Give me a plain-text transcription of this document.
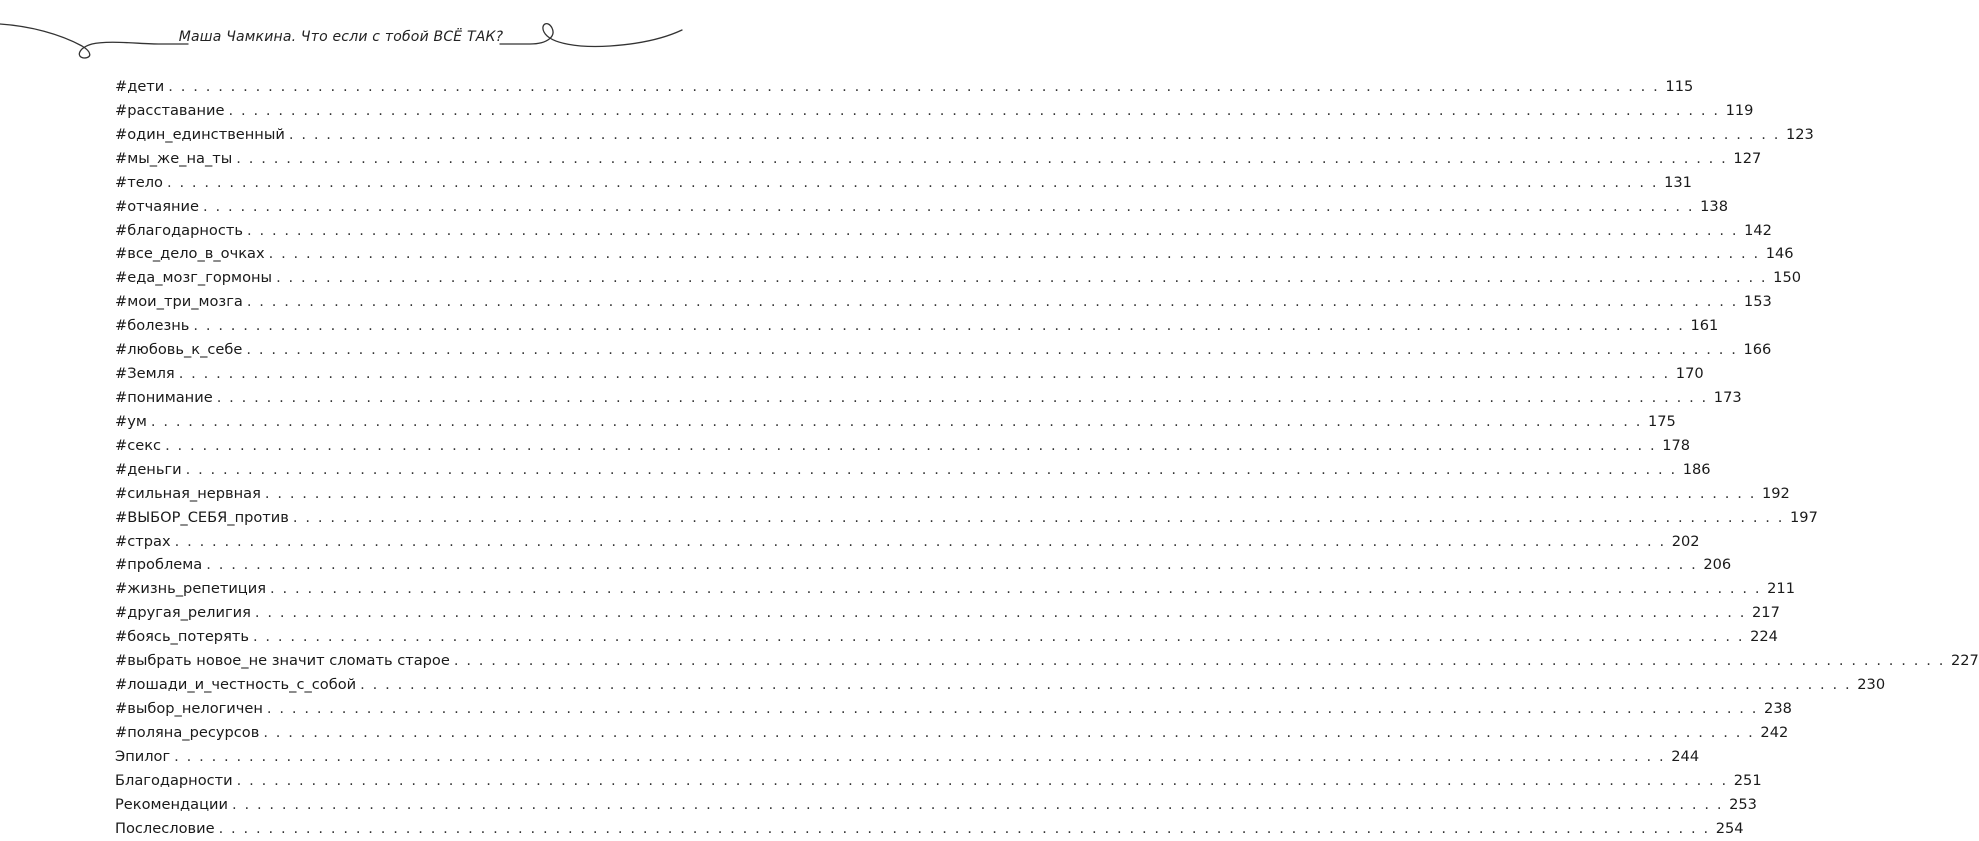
Маша Чамкина. Что если с тобой ВСЁ ТАК?
#дети . . . . . . . . . . . . . . . . . . . . . . . . . . . . . . . . . . . . . . . . . . . . . . . . . . . . . . . . . . . . . . . . . . . . . . . . . . . . . . . . . . . . . . . . . . . . . . . . . . . . . . . . . . . . . . . . . . . . . . . . 115
#расставание . . . . . . . . . . . . . . . . . . . . . . . . . . . . . . . . . . . . . . . . . . . . . . . . . . . . . . . . . . . . . . . . . . . . . . . . . . . . . . . . . . . . . . . . . . . . . . . . . . . . . . . . . . . . . . . . . . . . . . . . 119
#один_единственный . . . . . . . . . . . . . . . . . . . . . . . . . . . . . . . . . . . . . . . . . . . . . . . . . . . . . . . . . . . . . . . . . . . . . . . . . . . . . . . . . . . . . . . . . . . . . . . . . . . . . . . . . . . . . . . . . . . . . . . . 123
#мы_же_на_ты . . . . . . . . . . . . . . . . . . . . . . . . . . . . . . . . . . . . . . . . . . . . . . . . . . . . . . . . . . . . . . . . . . . . . . . . . . . . . . . . . . . . . . . . . . . . . . . . . . . . . . . . . . . . . . . . . . . . . . . . 127
#тело . . . . . . . . . . . . . . . . . . . . . . . . . . . . . . . . . . . . . . . . . . . . . . . . . . . . . . . . . . . . . . . . . . . . . . . . . . . . . . . . . . . . . . . . . . . . . . . . . . . . . . . . . . . . . . . . . . . . . . . . 131
#отчаяние . . . . . . . . . . . . . . . . . . . . . . . . . . . . . . . . . . . . . . . . . . . . . . . . . . . . . . . . . . . . . . . . . . . . . . . . . . . . . . . . . . . . . . . . . . . . . . . . . . . . . . . . . . . . . . . . . . . . . . . . 138
#благодарность . . . . . . . . . . . . . . . . . . . . . . . . . . . . . . . . . . . . . . . . . . . . . . . . . . . . . . . . . . . . . . . . . . . . . . . . . . . . . . . . . . . . . . . . . . . . . . . . . . . . . . . . . . . . . . . . . . . . . . . . 142
#все_дело_в_очках . . . . . . . . . . . . . . . . . . . . . . . . . . . . . . . . . . . . . . . . . . . . . . . . . . . . . . . . . . . . . . . . . . . . . . . . . . . . . . . . . . . . . . . . . . . . . . . . . . . . . . . . . . . . . . . . . . . . . . . . 146
#еда_мозг_гормоны . . . . . . . . . . . . . . . . . . . . . . . . . . . . . . . . . . . . . . . . . . . . . . . . . . . . . . . . . . . . . . . . . . . . . . . . . . . . . . . . . . . . . . . . . . . . . . . . . . . . . . . . . . . . . . . . . . . . . . . . 150
#мои_три_мозга . . . . . . . . . . . . . . . . . . . . . . . . . . . . . . . . . . . . . . . . . . . . . . . . . . . . . . . . . . . . . . . . . . . . . . . . . . . . . . . . . . . . . . . . . . . . . . . . . . . . . . . . . . . . . . . . . . . . . . . . 153
#болезнь . . . . . . . . . . . . . . . . . . . . . . . . . . . . . . . . . . . . . . . . . . . . . . . . . . . . . . . . . . . . . . . . . . . . . . . . . . . . . . . . . . . . . . . . . . . . . . . . . . . . . . . . . . . . . . . . . . . . . . . . 161
#любовь_к_себе . . . . . . . . . . . . . . . . . . . . . . . . . . . . . . . . . . . . . . . . . . . . . . . . . . . . . . . . . . . . . . . . . . . . . . . . . . . . . . . . . . . . . . . . . . . . . . . . . . . . . . . . . . . . . . . . . . . . . . . . 166
#Земля . . . . . . . . . . . . . . . . . . . . . . . . . . . . . . . . . . . . . . . . . . . . . . . . . . . . . . . . . . . . . . . . . . . . . . . . . . . . . . . . . . . . . . . . . . . . . . . . . . . . . . . . . . . . . . . . . . . . . . . . 170
#понимание . . . . . . . . . . . . . . . . . . . . . . . . . . . . . . . . . . . . . . . . . . . . . . . . . . . . . . . . . . . . . . . . . . . . . . . . . . . . . . . . . . . . . . . . . . . . . . . . . . . . . . . . . . . . . . . . . . . . . . . . 173
#ум . . . . . . . . . . . . . . . . . . . . . . . . . . . . . . . . . . . . . . . . . . . . . . . . . . . . . . . . . . . . . . . . . . . . . . . . . . . . . . . . . . . . . . . . . . . . . . . . . . . . . . . . . . . . . . . . . . . . . . . . 175
#секс . . . . . . . . . . . . . . . . . . . . . . . . . . . . . . . . . . . . . . . . . . . . . . . . . . . . . . . . . . . . . . . . . . . . . . . . . . . . . . . . . . . . . . . . . . . . . . . . . . . . . . . . . . . . . . . . . . . . . . . . 178
#деньги . . . . . . . . . . . . . . . . . . . . . . . . . . . . . . . . . . . . . . . . . . . . . . . . . . . . . . . . . . . . . . . . . . . . . . . . . . . . . . . . . . . . . . . . . . . . . . . . . . . . . . . . . . . . . . . . . . . . . . . . 186
#сильная_нервная . . . . . . . . . . . . . . . . . . . . . . . . . . . . . . . . . . . . . . . . . . . . . . . . . . . . . . . . . . . . . . . . . . . . . . . . . . . . . . . . . . . . . . . . . . . . . . . . . . . . . . . . . . . . . . . . . . . . . . . . 192
#ВЫБОР_СЕБЯ_против . . . . . . . . . . . . . . . . . . . . . . . . . . . . . . . . . . . . . . . . . . . . . . . . . . . . . . . . . . . . . . . . . . . . . . . . . . . . . . . . . . . . . . . . . . . . . . . . . . . . . . . . . . . . . . . . . . . . . . . . 197
#страх . . . . . . . . . . . . . . . . . . . . . . . . . . . . . . . . . . . . . . . . . . . . . . . . . . . . . . . . . . . . . . . . . . . . . . . . . . . . . . . . . . . . . . . . . . . . . . . . . . . . . . . . . . . . . . . . . . . . . . . . 202
#проблема . . . . . . . . . . . . . . . . . . . . . . . . . . . . . . . . . . . . . . . . . . . . . . . . . . . . . . . . . . . . . . . . . . . . . . . . . . . . . . . . . . . . . . . . . . . . . . . . . . . . . . . . . . . . . . . . . . . . . . . . 206
#жизнь_репетиция . . . . . . . . . . . . . . . . . . . . . . . . . . . . . . . . . . . . . . . . . . . . . . . . . . . . . . . . . . . . . . . . . . . . . . . . . . . . . . . . . . . . . . . . . . . . . . . . . . . . . . . . . . . . . . . . . . . . . . . . 211
#другая_религия . . . . . . . . . . . . . . . . . . . . . . . . . . . . . . . . . . . . . . . . . . . . . . . . . . . . . . . . . . . . . . . . . . . . . . . . . . . . . . . . . . . . . . . . . . . . . . . . . . . . . . . . . . . . . . . . . . . . . . . . 217
#боясь_потерять . . . . . . . . . . . . . . . . . . . . . . . . . . . . . . . . . . . . . . . . . . . . . . . . . . . . . . . . . . . . . . . . . . . . . . . . . . . . . . . . . . . . . . . . . . . . . . . . . . . . . . . . . . . . . . . . . . . . . . . . 224
#выбрать новое_не значит сломать старое . . . . . . . . . . . . . . . . . . . . . . . . . . . . . . . . . . . . . . . . . . . . . . . . . . . . . . . . . . . . . . . . . . . . . . . . . . . . . . . . . . . . . . . . . . . . . . . . . . . . . . . . . . . . . . . . . . . . . . . . 227
#лошади_и_честность_с_собой . . . . . . . . . . . . . . . . . . . . . . . . . . . . . . . . . . . . . . . . . . . . . . . . . . . . . . . . . . . . . . . . . . . . . . . . . . . . . . . . . . . . . . . . . . . . . . . . . . . . . . . . . . . . . . . . . . . . . . . . 230
#выбор_нелогичен . . . . . . . . . . . . . . . . . . . . . . . . . . . . . . . . . . . . . . . . . . . . . . . . . . . . . . . . . . . . . . . . . . . . . . . . . . . . . . . . . . . . . . . . . . . . . . . . . . . . . . . . . . . . . . . . . . . . . . . . 238
#поляна_ресурсов . . . . . . . . . . . . . . . . . . . . . . . . . . . . . . . . . . . . . . . . . . . . . . . . . . . . . . . . . . . . . . . . . . . . . . . . . . . . . . . . . . . . . . . . . . . . . . . . . . . . . . . . . . . . . . . . . . . . . . . . 242
Эпилог . . . . . . . . . . . . . . . . . . . . . . . . . . . . . . . . . . . . . . . . . . . . . . . . . . . . . . . . . . . . . . . . . . . . . . . . . . . . . . . . . . . . . . . . . . . . . . . . . . . . . . . . . . . . . . . . . . . . . . . . 244
Благодарности . . . . . . . . . . . . . . . . . . . . . . . . . . . . . . . . . . . . . . . . . . . . . . . . . . . . . . . . . . . . . . . . . . . . . . . . . . . . . . . . . . . . . . . . . . . . . . . . . . . . . . . . . . . . . . . . . . . . . . . . 251
Рекомендации . . . . . . . . . . . . . . . . . . . . . . . . . . . . . . . . . . . . . . . . . . . . . . . . . . . . . . . . . . . . . . . . . . . . . . . . . . . . . . . . . . . . . . . . . . . . . . . . . . . . . . . . . . . . . . . . . . . . . . . . 253
Послесловие . . . . . . . . . . . . . . . . . . . . . . . . . . . . . . . . . . . . . . . . . . . . . . . . . . . . . . . . . . . . . . . . . . . . . . . . . . . . . . . . . . . . . . . . . . . . . . . . . . . . . . . . . . . . . . . . . . . . . . . . 254
